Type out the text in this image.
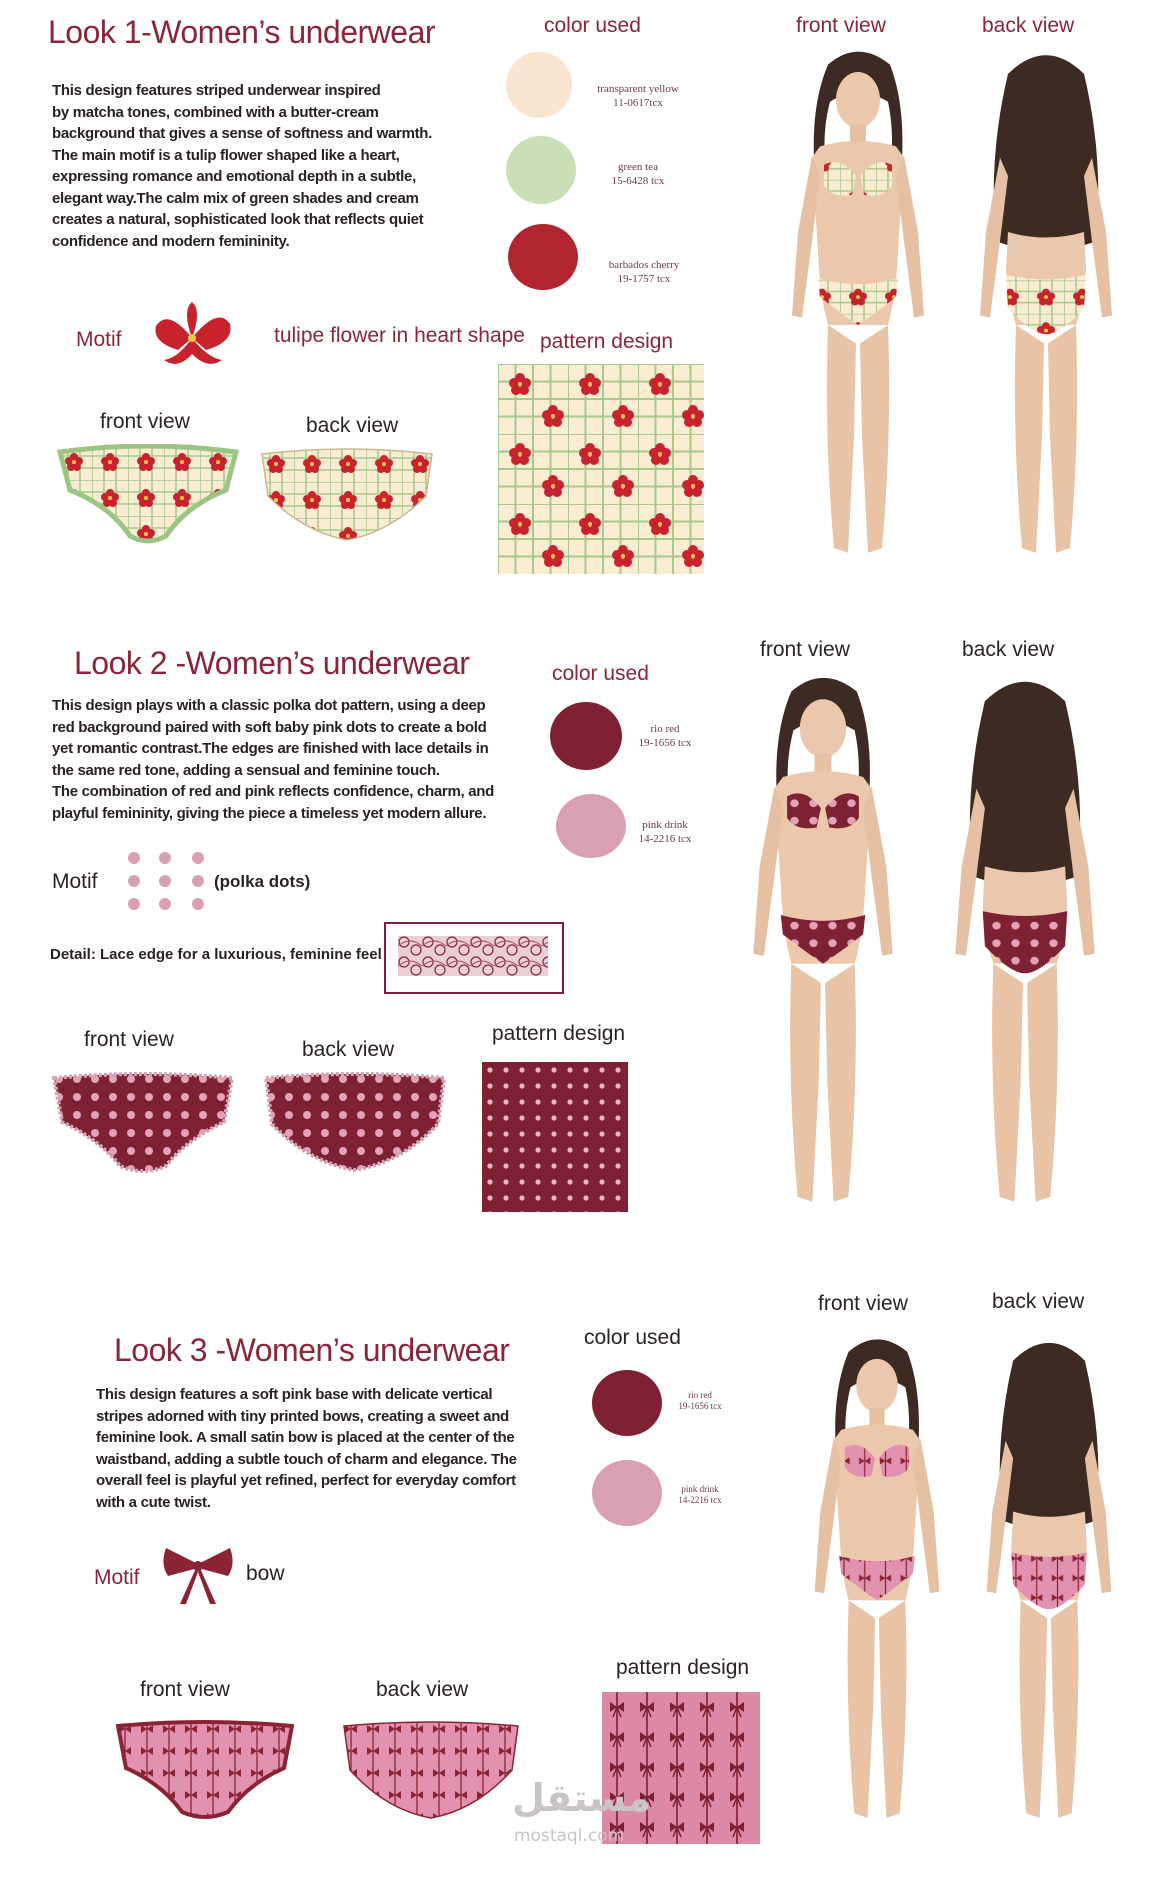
Look 1-Women’s underwear
This design features striped underwear inspired
by matcha tones, combined with a butter-cream
background that gives a sense of softness and warmth.
The main motif is a tulip flower shaped like a heart,
expressing romance and emotional depth in a subtle,
elegant way.The calm mix of green shades and cream
creates a natural, sophisticated look that reflects quiet
confidence and modern femininity.
color used
transparent yellow
11-0617tcx
green tea
15-6428 tcx
barbados cherry
19-1757 tcx
Motif	tulipe flower in heart shape pattern design
front view	back view
front view	back view
Look 2 -Women’s underwear
This design plays with a classic polka dot pattern, using a deep
red background paired with soft baby pink dots to create a bold
yet romantic contrast.The edges are finished with lace details in
the same red tone, adding a sensual and feminine touch.
The combination of red and pink reflects confidence, charm, and
playful femininity, giving the piece a timeless yet modern allure.
color used
rio red
19-1656 tcx
pink drink
14-2216 tcx
Motif	(polka dots)
Detail: Lace edge for a luxurious, feminine feel
front view	back view
pattern design
front view	back view
Look 3 -Women’s underwear
This design features a soft pink base with delicate vertical
stripes adorned with tiny printed bows, creating a sweet and
feminine look. A small satin bow is placed at the center of the
waistband, adding a subtle touch of charm and elegance. The
overall feel is playful yet refined, perfect for everyday comfort
with a cute twist.
color used
rio red
19-1656 tcx
pink drink
14-2216 tcx
Motif	bow
front view	back view
pattern design
front view	back view
مستقل
mostaql.com
